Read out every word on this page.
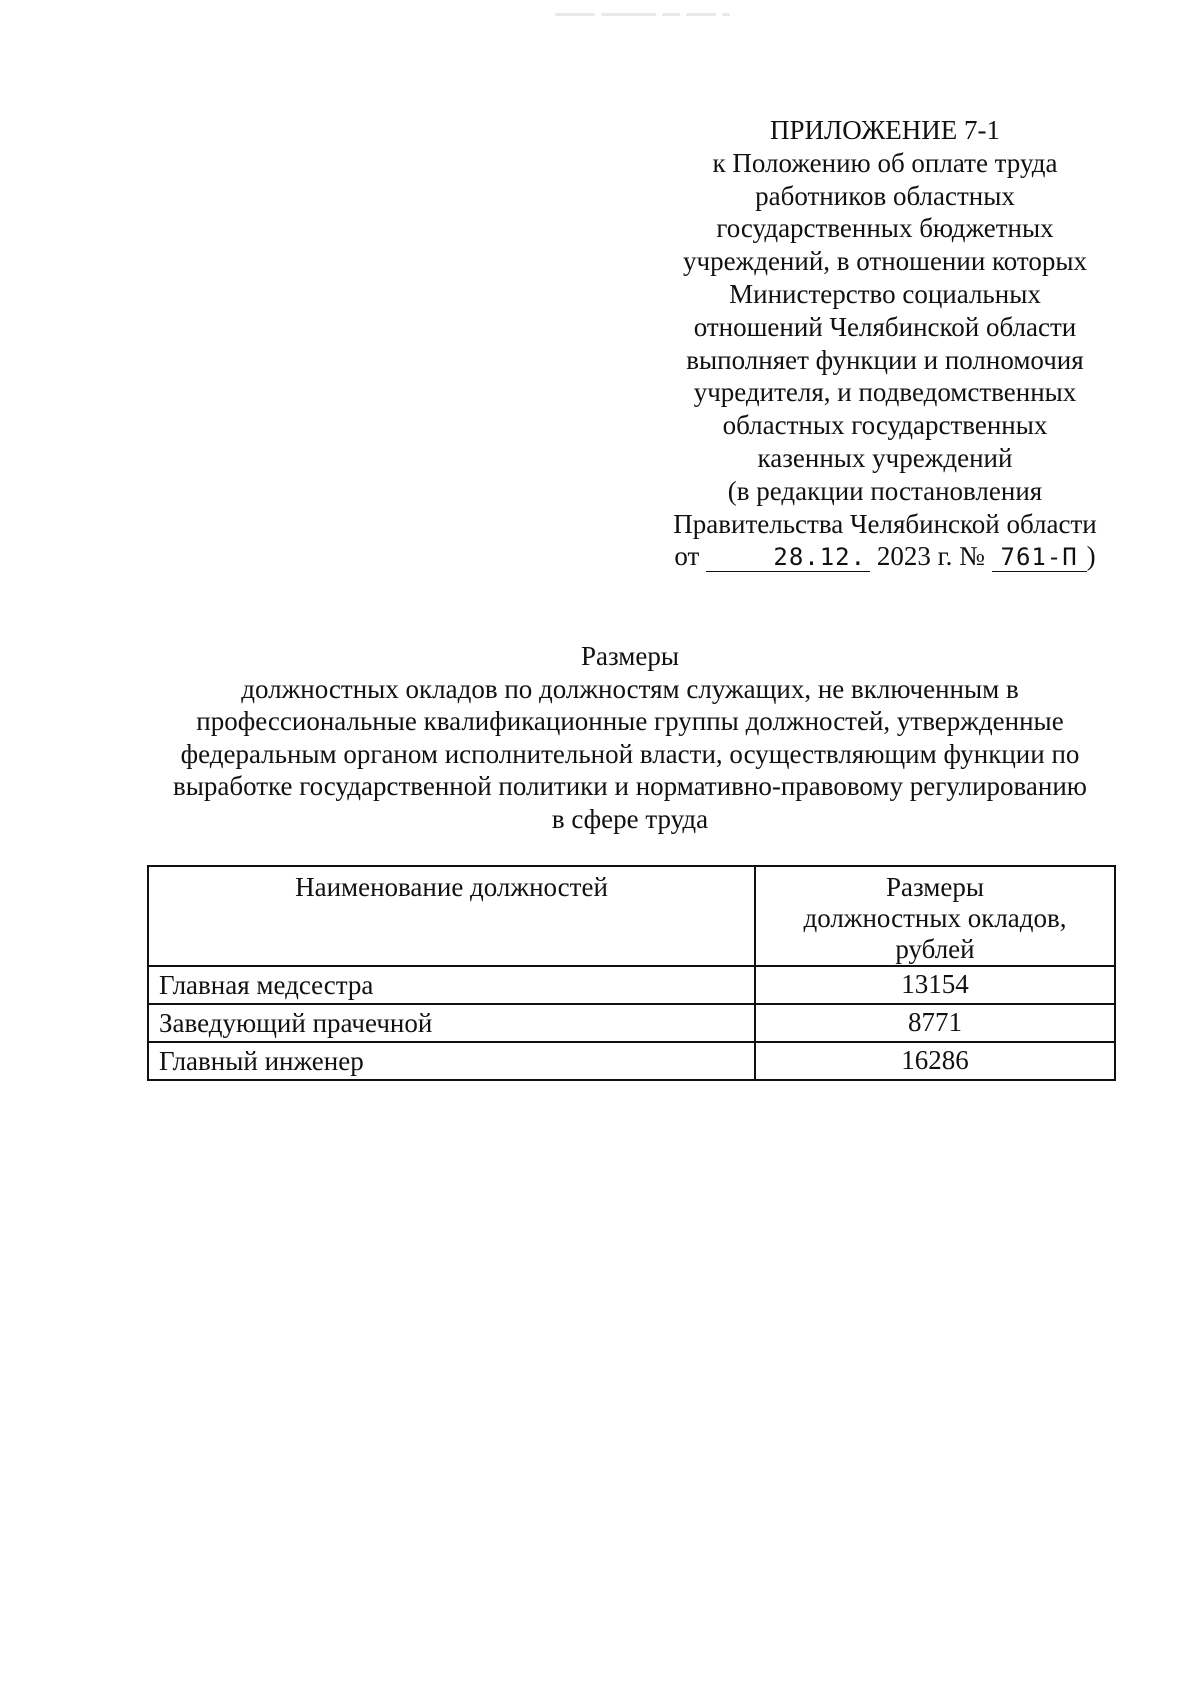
ПРИЛОЖЕНИЕ 7-1
к Положению об оплате труда
работников областных
государственных бюджетных
учреждений, в отношении которых
Министерство социальных
отношений Челябинской области
выполняет функции и полномочия
учредителя, и подведомственных
областных государственных
казенных учреждений
(в редакции постановления
Правительства Челябинской области
от	28.12. 2023 г. № 761-П )
Размеры
должностных окладов по должностям служащих, не включенным в
профессиональные квалификационные группы должностей, утвержденные
федеральным органом исполнительной власти, осуществляющим функции по
выработке государственной политики и нормативно-правовому регулированию
в сфере труда
Наименование должностей	Размеры
должностных окладов,
рублей

Главная медсестра	13154
Заведующий прачечной	8771
Главный инженер	16286
